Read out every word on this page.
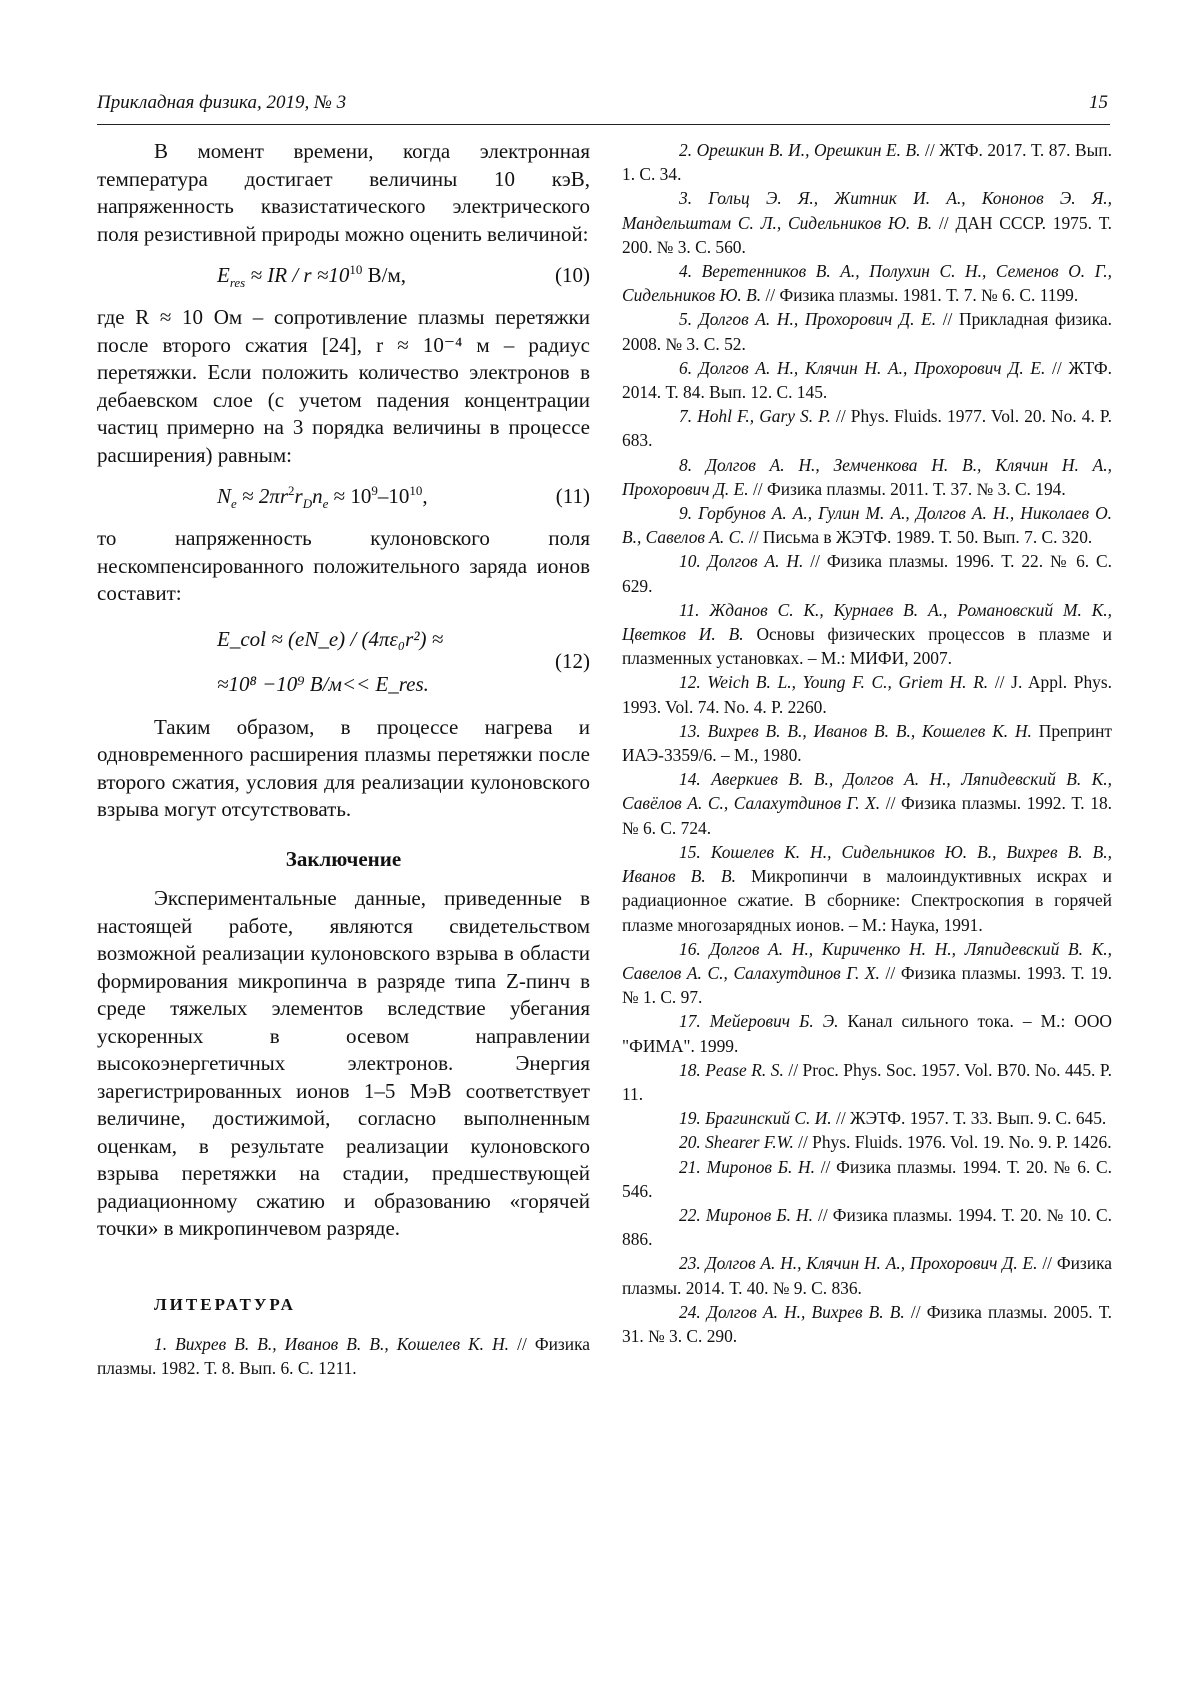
Прикладная физика, 2019, № 3	15

В момент времени, когда электронная температура достигает величины 10 кэВ, напряженность квазистатического электрического поля резистивной природы можно оценить величиной:

Eres ≈ IR / r ≈1010 В/м,	(10)

где R ≈ 10 Ом – сопротивление плазмы перетяжки после второго сжатия [24], r ≈ 10⁻⁴ м – радиус перетяжки. Если положить количество электронов в дебаевском слое (с учетом падения концентрации частиц примерно на 3 порядка величины в процессе расширения) равным:

Ne ≈ 2πr2rDne ≈ 109–1010,	(11)

то напряженность кулоновского поля нескомпенсированного положительного заряда ионов составит:

E_col ≈ (eN_e) / (4πε₀r²) ≈
≈10⁸ −10⁹ В/м<< E_res.
(12)

Таким образом, в процессе нагрева и одновременного расширения плазмы перетяжки после второго сжатия, условия для реализации кулоновского взрыва могут отсутствовать.

Заключение

Экспериментальные данные, приведенные в настоящей работе, являются свидетельством возможной реализации кулоновского взрыва в области формирования микропинча в разряде типа Z-пинч в среде тяжелых элементов вследствие убегания ускоренных в осевом направлении высокоэнергетичных электронов. Энергия зарегистрированных ионов 1–5 МэВ соответствует величине, достижимой, согласно выполненным оценкам, в результате реализации кулоновского взрыва перетяжки на стадии, предшествующей радиационному сжатию и образованию «горячей точки» в микропинчевом разряде.

ЛИТЕРАТУРА

1. Вихрев В. В., Иванов В. В., Кошелев К. Н. // Физика плазмы. 1982. Т. 8. Вып. 6. С. 1211.

2. Орешкин В. И., Орешкин Е. В. // ЖТФ. 2017. Т. 87. Вып. 1. С. 34.

3. Гольц Э. Я., Житник И. А., Кононов Э. Я., Мандельштам С. Л., Сидельников Ю. В. // ДАН СССР. 1975. Т. 200. № 3. С. 560.

4. Веретенников В. А., Полухин С. Н., Семенов О. Г., Сидельников Ю. В. // Физика плазмы. 1981. Т. 7. № 6. С. 1199.

5. Долгов А. Н., Прохорович Д. Е. // Прикладная физика. 2008. № 3. С. 52.

6. Долгов А. Н., Клячин Н. А., Прохорович Д. Е. // ЖТФ. 2014. Т. 84. Вып. 12. С. 145.

7. Hohl F., Gary S. P. // Phys. Fluids. 1977. Vol. 20. No. 4. P. 683.

8. Долгов А. Н., Земченкова Н. В., Клячин Н. А., Прохорович Д. Е. // Физика плазмы. 2011. Т. 37. № 3. С. 194.

9. Горбунов А. А., Гулин М. А., Долгов А. Н., Николаев О. В., Савелов А. С. // Письма в ЖЭТФ. 1989. Т. 50. Вып. 7. С. 320.

10. Долгов А. Н. // Физика плазмы. 1996. Т. 22. № 6. С. 629.

11. Жданов С. К., Курнаев В. А., Романовский М. К., Цветков И. В. Основы физических процессов в плазме и плазменных установках. – М.: МИФИ, 2007.

12. Weich B. L., Young F. C., Griem H. R. // J. Appl. Phys. 1993. Vol. 74. No. 4. P. 2260.

13. Вихрев В. В., Иванов В. В., Кошелев К. Н. Препринт ИАЭ-3359/6. – М., 1980.

14. Аверкиев В. В., Долгов А. Н., Ляпидевский В. К., Савёлов А. С., Салахутдинов Г. Х. // Физика плазмы. 1992. Т. 18. № 6. С. 724.

15. Кошелев К. Н., Сидельников Ю. В., Вихрев В. В., Иванов В. В. Микропинчи в малоиндуктивных искрах и радиационное сжатие. В сборнике: Спектроскопия в горячей плазме многозарядных ионов. – М.: Наука, 1991.

16. Долгов А. Н., Кириченко Н. Н., Ляпидевский В. К., Савелов А. С., Салахутдинов Г. Х. // Физика плазмы. 1993. Т. 19. № 1. С. 97.

17. Мейерович Б. Э. Канал сильного тока. – М.: ООО "ФИМА". 1999.

18. Pease R. S. // Proc. Phys. Soc. 1957. Vol. B70. No. 445. P. 11.

19. Брагинский С. И. // ЖЭТФ. 1957. Т. 33. Вып. 9. С. 645.

20. Shearer F.W. // Phys. Fluids. 1976. Vol. 19. No. 9. P. 1426.

21. Миронов Б. Н. // Физика плазмы. 1994. Т. 20. № 6. С. 546.

22. Миронов Б. Н. // Физика плазмы. 1994. Т. 20. № 10. С. 886.

23. Долгов А. Н., Клячин Н. А., Прохорович Д. Е. // Физика плазмы. 2014. Т. 40. № 9. С. 836.

24. Долгов А. Н., Вихрев В. В. // Физика плазмы. 2005. Т. 31. № 3. С. 290.
